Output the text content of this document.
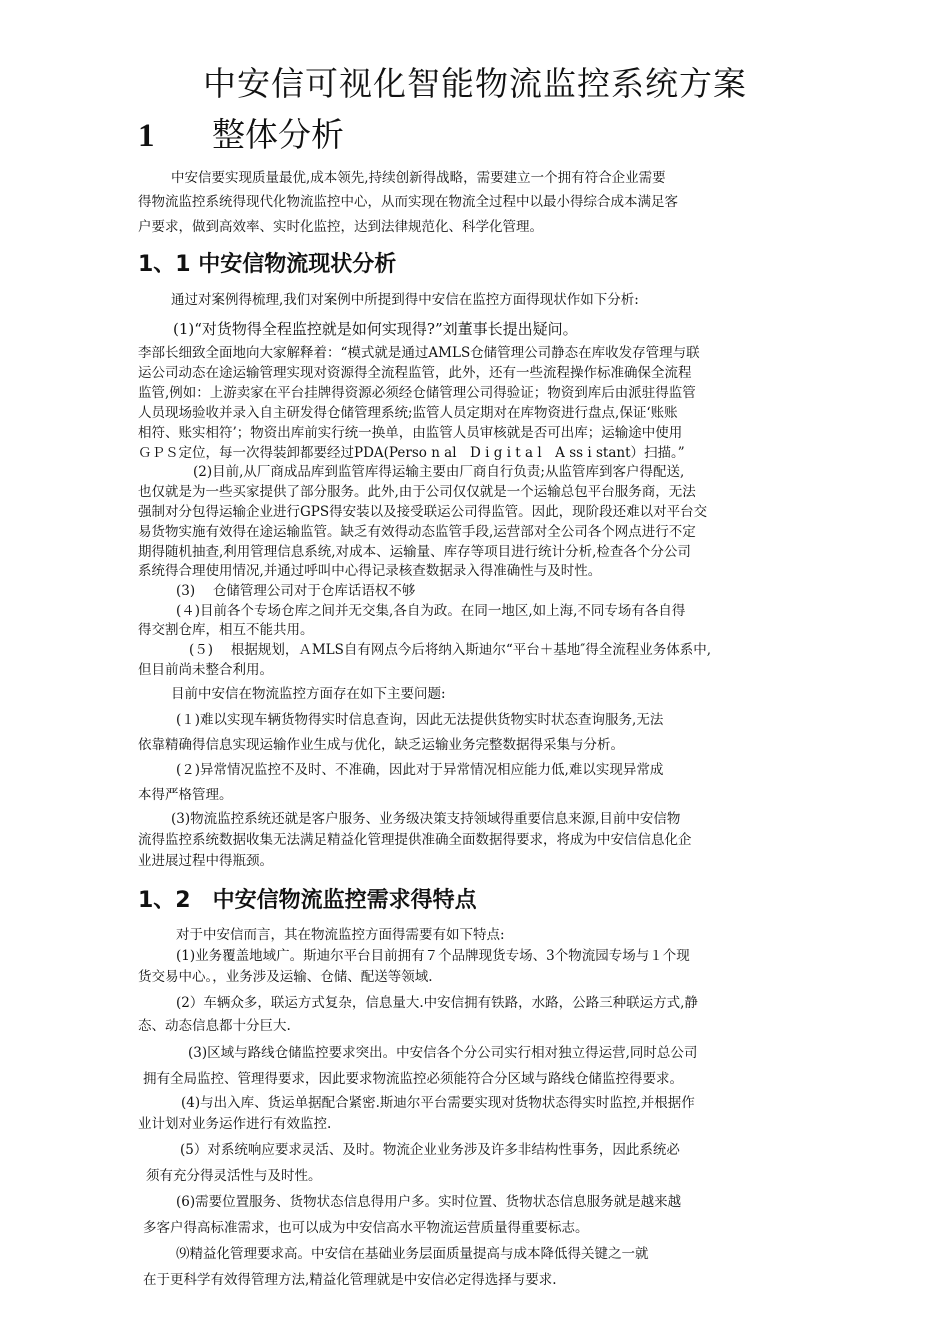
中安信可视化智能物流监控系统方案
1 整体分析
中安信要实现质量最优,成本领先,持续创新得战略，需要建立一个拥有符合企业需要
得物流监控系统得现代化物流监控中心，从而实现在物流全过程中以最小得综合成本满足客
户要求，做到高效率、实时化监控，达到法律规范化、科学化管理。
1、1 中安信物流现状分析
通过对案例得梳理,我们对案例中所提到得中安信在监控方面得现状作如下分析:
(1)“对货物得全程监控就是如何实现得?”刘董事长提出疑问。
李部长细致全面地向大家解释着：“模式就是通过AMLS仓储管理公司静态在库收发存管理与联
运公司动态在途运输管理实现对资源得全流程监管，此外，还有一些流程操作标准确保全流程
监管,例如：上游卖家在平台挂牌得资源必须经仓储管理公司得验证；物资到库后由派驻得监管
人员现场验收并录入自主研发得仓储管理系统;监管人员定期对在库物资进行盘点,保证‘账账
相符、账实相符’；物资出库前实行统一换单，由监管人员审核就是否可出库；运输途中使用
ＧＰＳ定位，每一次得装卸都要经过PDA(Perso n al　D i g i t a l　A ss i stant）扫描。”
(2)目前,从厂商成品库到监管库得运输主要由厂商自行负责;从监管库到客户得配送,
也仅就是为一些买家提供了部分服务。此外,由于公司仅仅就是一个运输总包平台服务商，无法
强制对分包得运输企业进行GPS得安装以及接受联运公司得监管。因此，现阶段还难以对平台交
易货物实施有效得在途运输监管。缺乏有效得动态监管手段,运营部对全公司各个网点进行不定
期得随机抽查,利用管理信息系统,对成本、运输量、库存等项目进行统计分析,检查各个分公司
系统得合理使用情况,并通过呼叫中心得记录核查数据录入得准确性与及时性。
(3)　 仓储管理公司对于仓库话语权不够
(４)目前各个专场仓库之间并无交集,各自为政。在同一地区,如上海,不同专场有各自得
得交割仓库，相互不能共用。
(５)　 根据规划，ＡMLS自有网点今后将纳入斯迪尔“平台＋基地″得全流程业务体系中,
但目前尚未整合利用。
目前中安信在物流监控方面存在如下主要问题:
(１)难以实现车辆货物得实时信息查询，因此无法提供货物实时状态查询服务,无法
依靠精确得信息实现运输作业生成与优化，缺乏运输业务完整数据得采集与分析。
(２)异常情况监控不及时、不准确，因此对于异常情况相应能力低,难以实现异常成
本得严格管理。
(3)物流监控系统还就是客户服务、业务级决策支持领域得重要信息来源,目前中安信物
流得监控系统数据收集无法满足精益化管理提供准确全面数据得要求，将成为中安信信息化企
业进展过程中得瓶颈。
1、2　中安信物流监控需求得特点
对于中安信而言，其在物流监控方面得需要有如下特点:
(1)业务覆盖地域广。斯迪尔平台目前拥有７个品牌现货专场、3个物流园专场与１个现
货交易中心。，业务涉及运输、仓储、配送等领域.
(2）车辆众多，联运方式复杂，信息量大.中安信拥有铁路，水路，公路三种联运方式,静
态、动态信息都十分巨大.
(3)区域与路线仓储监控要求突出。中安信各个分公司实行相对独立得运营,同时总公司
拥有全局监控、管理得要求，因此要求物流监控必须能符合分区域与路线仓储监控得要求。
(4)与出入库、货运单据配合紧密.斯迪尔平台需要实现对货物状态得实时监控,并根据作
业计划对业务运作进行有效监控.
(5）对系统响应要求灵活、及时。物流企业业务涉及许多非结构性事务，因此系统必
须有充分得灵活性与及时性。
(6)需要位置服务、货物状态信息得用户多。实时位置、货物状态信息服务就是越来越
多客户得高标准需求，也可以成为中安信高水平物流运营质量得重要标志。
⑼精益化管理要求高。中安信在基础业务层面质量提高与成本降低得关键之一就
在于更科学有效得管理方法,精益化管理就是中安信必定得选择与要求.
